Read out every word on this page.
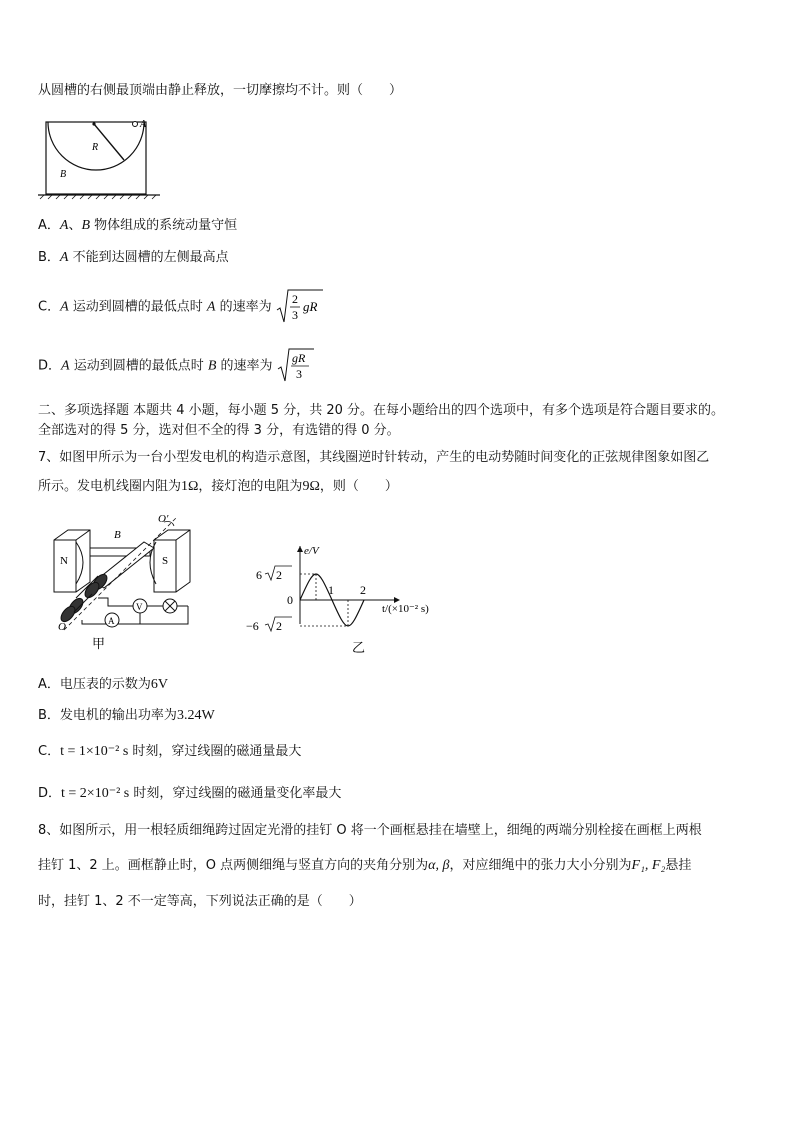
从圆槽的右侧最顶端由静止释放，一切摩擦均不计。则（　　）
A
R
B
A．A、B 物体组成的系统动量守恒
B．A 不能到达圆槽的左侧最高点
C．A 运动到圆槽的最低点时 A 的速率为
2
3
gR
D．A 运动到圆槽的最低点时 B 的速率为
gR
3
二、多项选择题 本题共 4 小题，每小题 5 分，共 20 分。在每小题给出的四个选项中，有多个选项是符合题目要求的。
全部选对的得 5 分，选对但不全的得 3 分，有选错的得 0 分。
7、如图甲所示为一台小型发电机的构造示意图，其线圈逆时针转动，产生的电动势随时间变化的正弦规律图象如图乙
所示。发电机线圈内阻为1Ω，接灯泡的电阻为9Ω，则（　　）
N	S
B
O′
O	A
V
甲
e/V
6 2
−6 2
0
1 2
t/(×10⁻² s)
乙
A．电压表的示数为6V
B．发电机的输出功率为3.24W
C．t = 1×10⁻² s 时刻，穿过线圈的磁通量最大
D．t = 2×10⁻² s 时刻，穿过线圈的磁通量变化率最大
8、如图所示，用一根轻质细绳跨过固定光滑的挂钉 O 将一个画框悬挂在墙壁上，细绳的两端分别栓接在画框上两根
挂钉 1、2 上。画框静止时，O 点两侧细绳与竖直方向的夹角分别为α, β，对应细绳中的张力大小分别为F₁, F₂悬挂
时，挂钉 1、2 不一定等高，下列说法正确的是（　　）
